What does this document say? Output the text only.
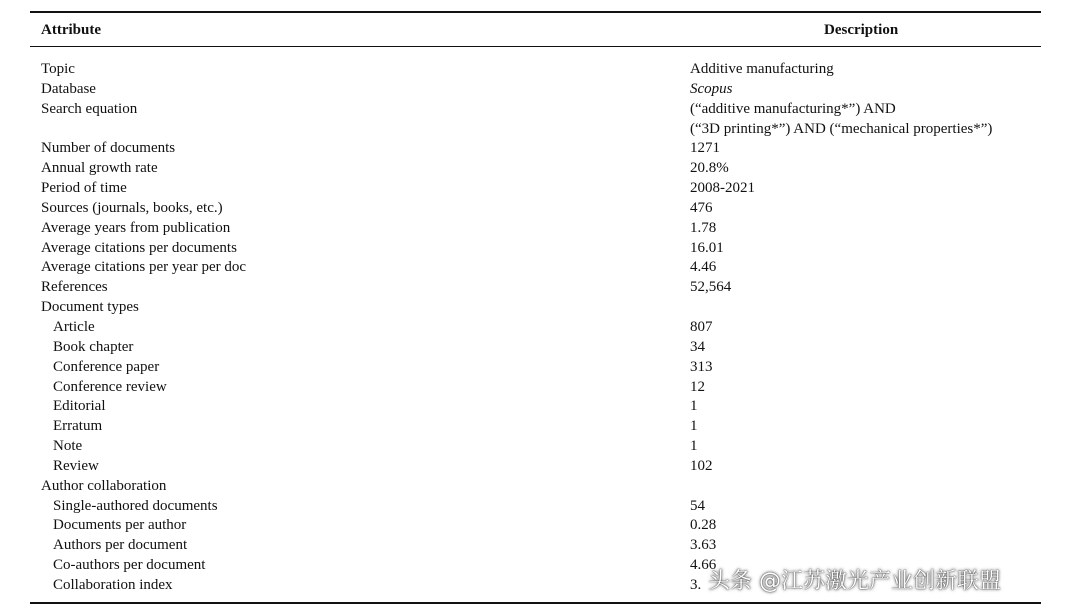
Attribute	Description
Topic	Additive manufacturing
Database	Scopus
Search equation	(“additive manufacturing*”) AND
(“3D printing*”) AND (“mechanical properties*”)
Number of documents	1271
Annual growth rate	20.8%
Period of time	2008-2021
Sources (journals, books, etc.)	476
Average years from publication	1.78
Average citations per documents	16.01
Average citations per year per doc	4.46
References	52,564
Document types
Article	807
Book chapter	34
Conference paper	313
Conference review	12
Editorial	1
Erratum	1
Note	1
Review	102
Author collaboration
Single-authored documents	54
Documents per author	0.28
Authors per document	3.63
Co-authors per document	4.66
Collaboration index	3. 头条 @江苏激光产业创新联盟
